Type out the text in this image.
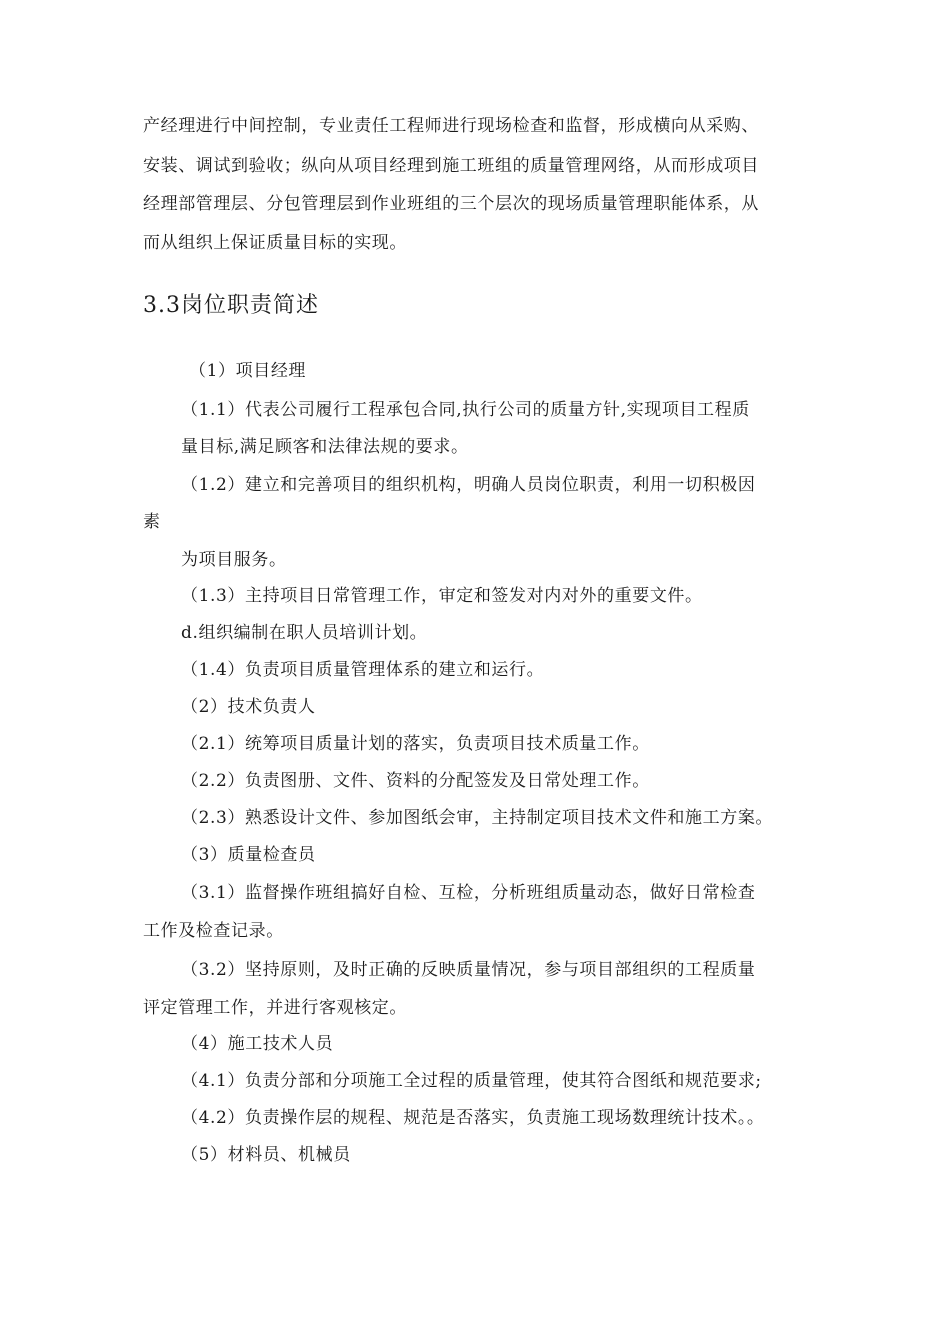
产经理进行中间控制，专业责任工程师进行现场检查和监督，形成横向从采购、
安装、调试到验收；纵向从项目经理到施工班组的质量管理网络，从而形成项目
经理部管理层、分包管理层到作业班组的三个层次的现场质量管理职能体系，从
而从组织上保证质量目标的实现。
3.3岗位职责简述
（1）项目经理
（1.1）代表公司履行工程承包合同,执行公司的质量方针,实现项目工程质
量目标,满足顾客和法律法规的要求。
（1.2）建立和完善项目的组织机构，明确人员岗位职责，利用一切积极因
素
为项目服务。
（1.3）主持项目日常管理工作，审定和签发对内对外的重要文件。
d.组织编制在职人员培训计划。
（1.4）负责项目质量管理体系的建立和运行。
（2）技术负责人
（2.1）统筹项目质量计划的落实，负责项目技术质量工作。
（2.2）负责图册、文件、资料的分配签发及日常处理工作。
（2.3）熟悉设计文件、参加图纸会审，主持制定项目技术文件和施工方案。
（3）质量检查员
（3.1）监督操作班组搞好自检、互检，分析班组质量动态，做好日常检查
工作及检查记录。
（3.2）坚持原则，及时正确的反映质量情况，参与项目部组织的工程质量
评定管理工作，并进行客观核定。
（4）施工技术人员
（4.1）负责分部和分项施工全过程的质量管理，使其符合图纸和规范要求;
（4.2）负责操作层的规程、规范是否落实，负责施工现场数理统计技术。。
（5）材料员、机械员
